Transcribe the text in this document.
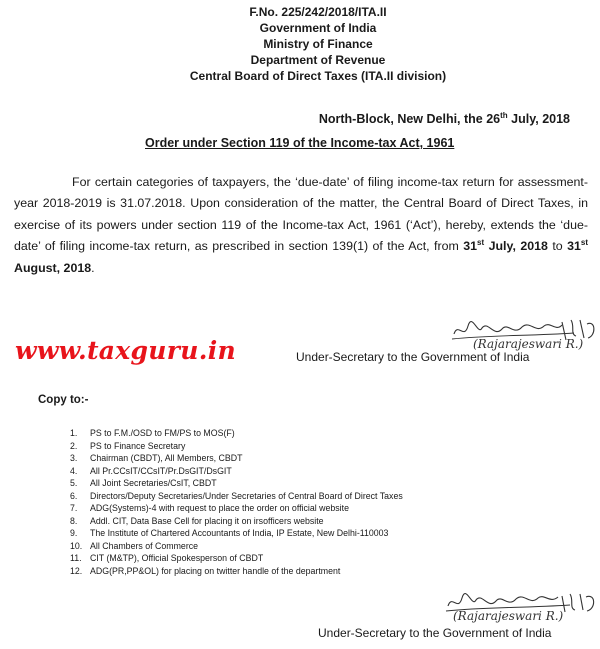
F.No. 225/242/2018/ITA.II
Government of India
Ministry of Finance
Department of Revenue
Central Board of Direct Taxes (ITA.II division)
North-Block, New Delhi, the 26th July, 2018
Order under Section 119 of the Income-tax Act, 1961
For certain categories of taxpayers, the ‘due-date’ of filing income-tax return for assessment-year 2018-2019 is 31.07.2018. Upon consideration of the matter, the Central Board of Direct Taxes, in exercise of its powers under section 119 of the Income-tax Act, 1961 (‘Act’), hereby, extends the ‘due-date’ of filing income-tax return, as prescribed in section 139(1) of the Act, from 31st July, 2018 to 31st August, 2018.
www.taxguru.in	(Rajarajeswari R.)
Under-Secretary to the Government of India
Copy to:-
1. PS to F.M./OSD to FM/PS to MOS(F)
2. PS to Finance Secretary
3. Chairman (CBDT), All Members, CBDT
4. All Pr.CCsIT/CCsIT/Pr.DsGIT/DsGIT
5. All Joint Secretaries/CsIT, CBDT
6. Directors/Deputy Secretaries/Under Secretaries of Central Board of Direct Taxes
7. ADG(Systems)-4 with request to place the order on official website
8. Addl. CIT, Data Base Cell for placing it on irsofficers website
9. The Institute of Chartered Accountants of India, IP Estate, New Delhi-110003
10. All Chambers of Commerce
11. CIT (M&TP), Official Spokesperson of CBDT
12. ADG(PR,PP&OL) for placing on twitter handle of the department
(Rajarajeswari R.)
Under-Secretary to the Government of India
